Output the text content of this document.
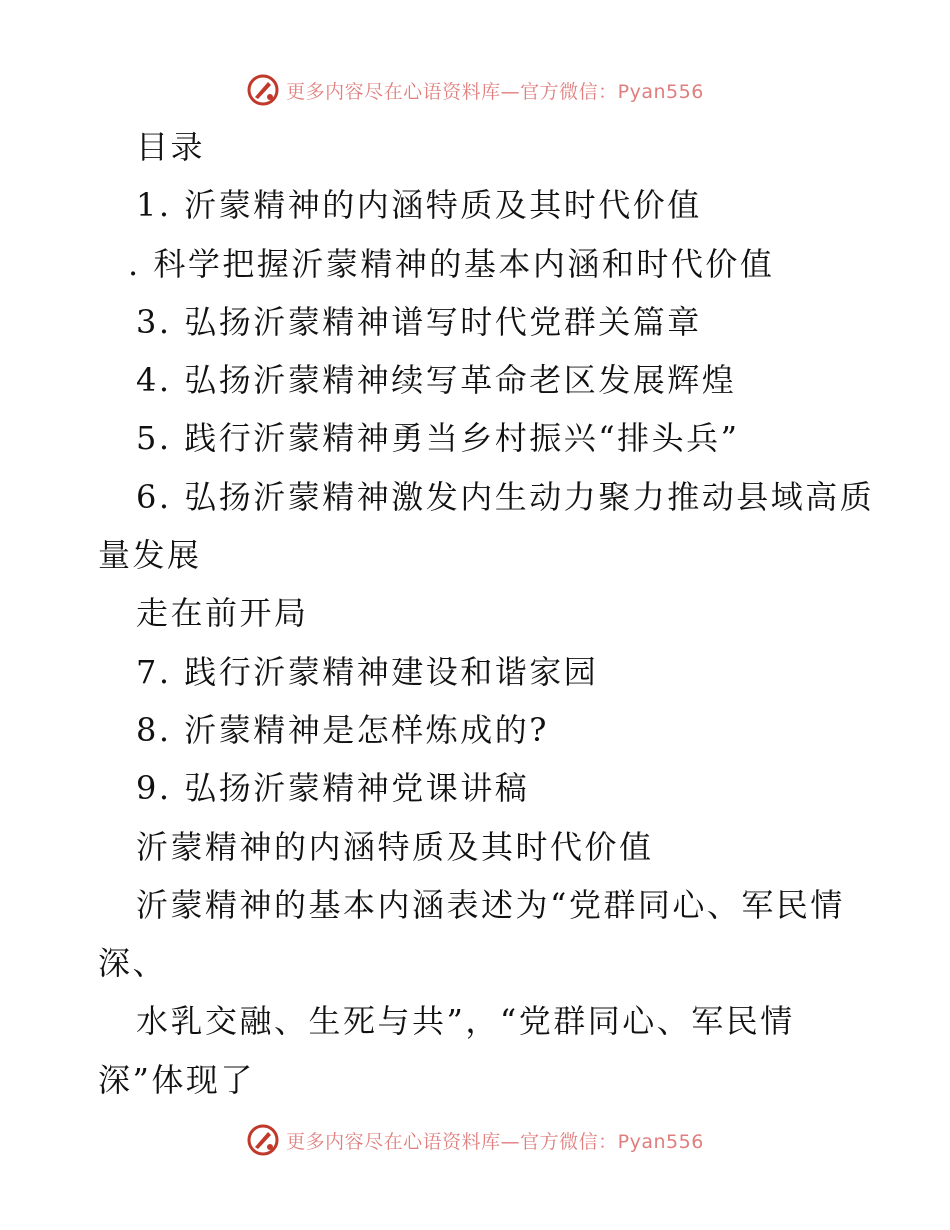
更多内容尽在心语资料库—官方微信：Pyan556
目录
1. 沂蒙精神的内涵特质及其时代价值
. 科学把握沂蒙精神的基本内涵和时代价值
3. 弘扬沂蒙精神谱写时代党群关篇章
4. 弘扬沂蒙精神续写革命老区发展辉煌
5. 践行沂蒙精神勇当乡村振兴“排头兵”
6. 弘扬沂蒙精神激发内生动力聚力推动县域高质
量发展
走在前开局
7. 践行沂蒙精神建设和谐家园
8. 沂蒙精神是怎样炼成的?
9. 弘扬沂蒙精神党课讲稿
沂蒙精神的内涵特质及其时代价值
沂蒙精神的基本内涵表述为“党群同心、军民情
深、
水乳交融、生死与共”，“党群同心、军民情
深”体现了
更多内容尽在心语资料库—官方微信：Pyan556
